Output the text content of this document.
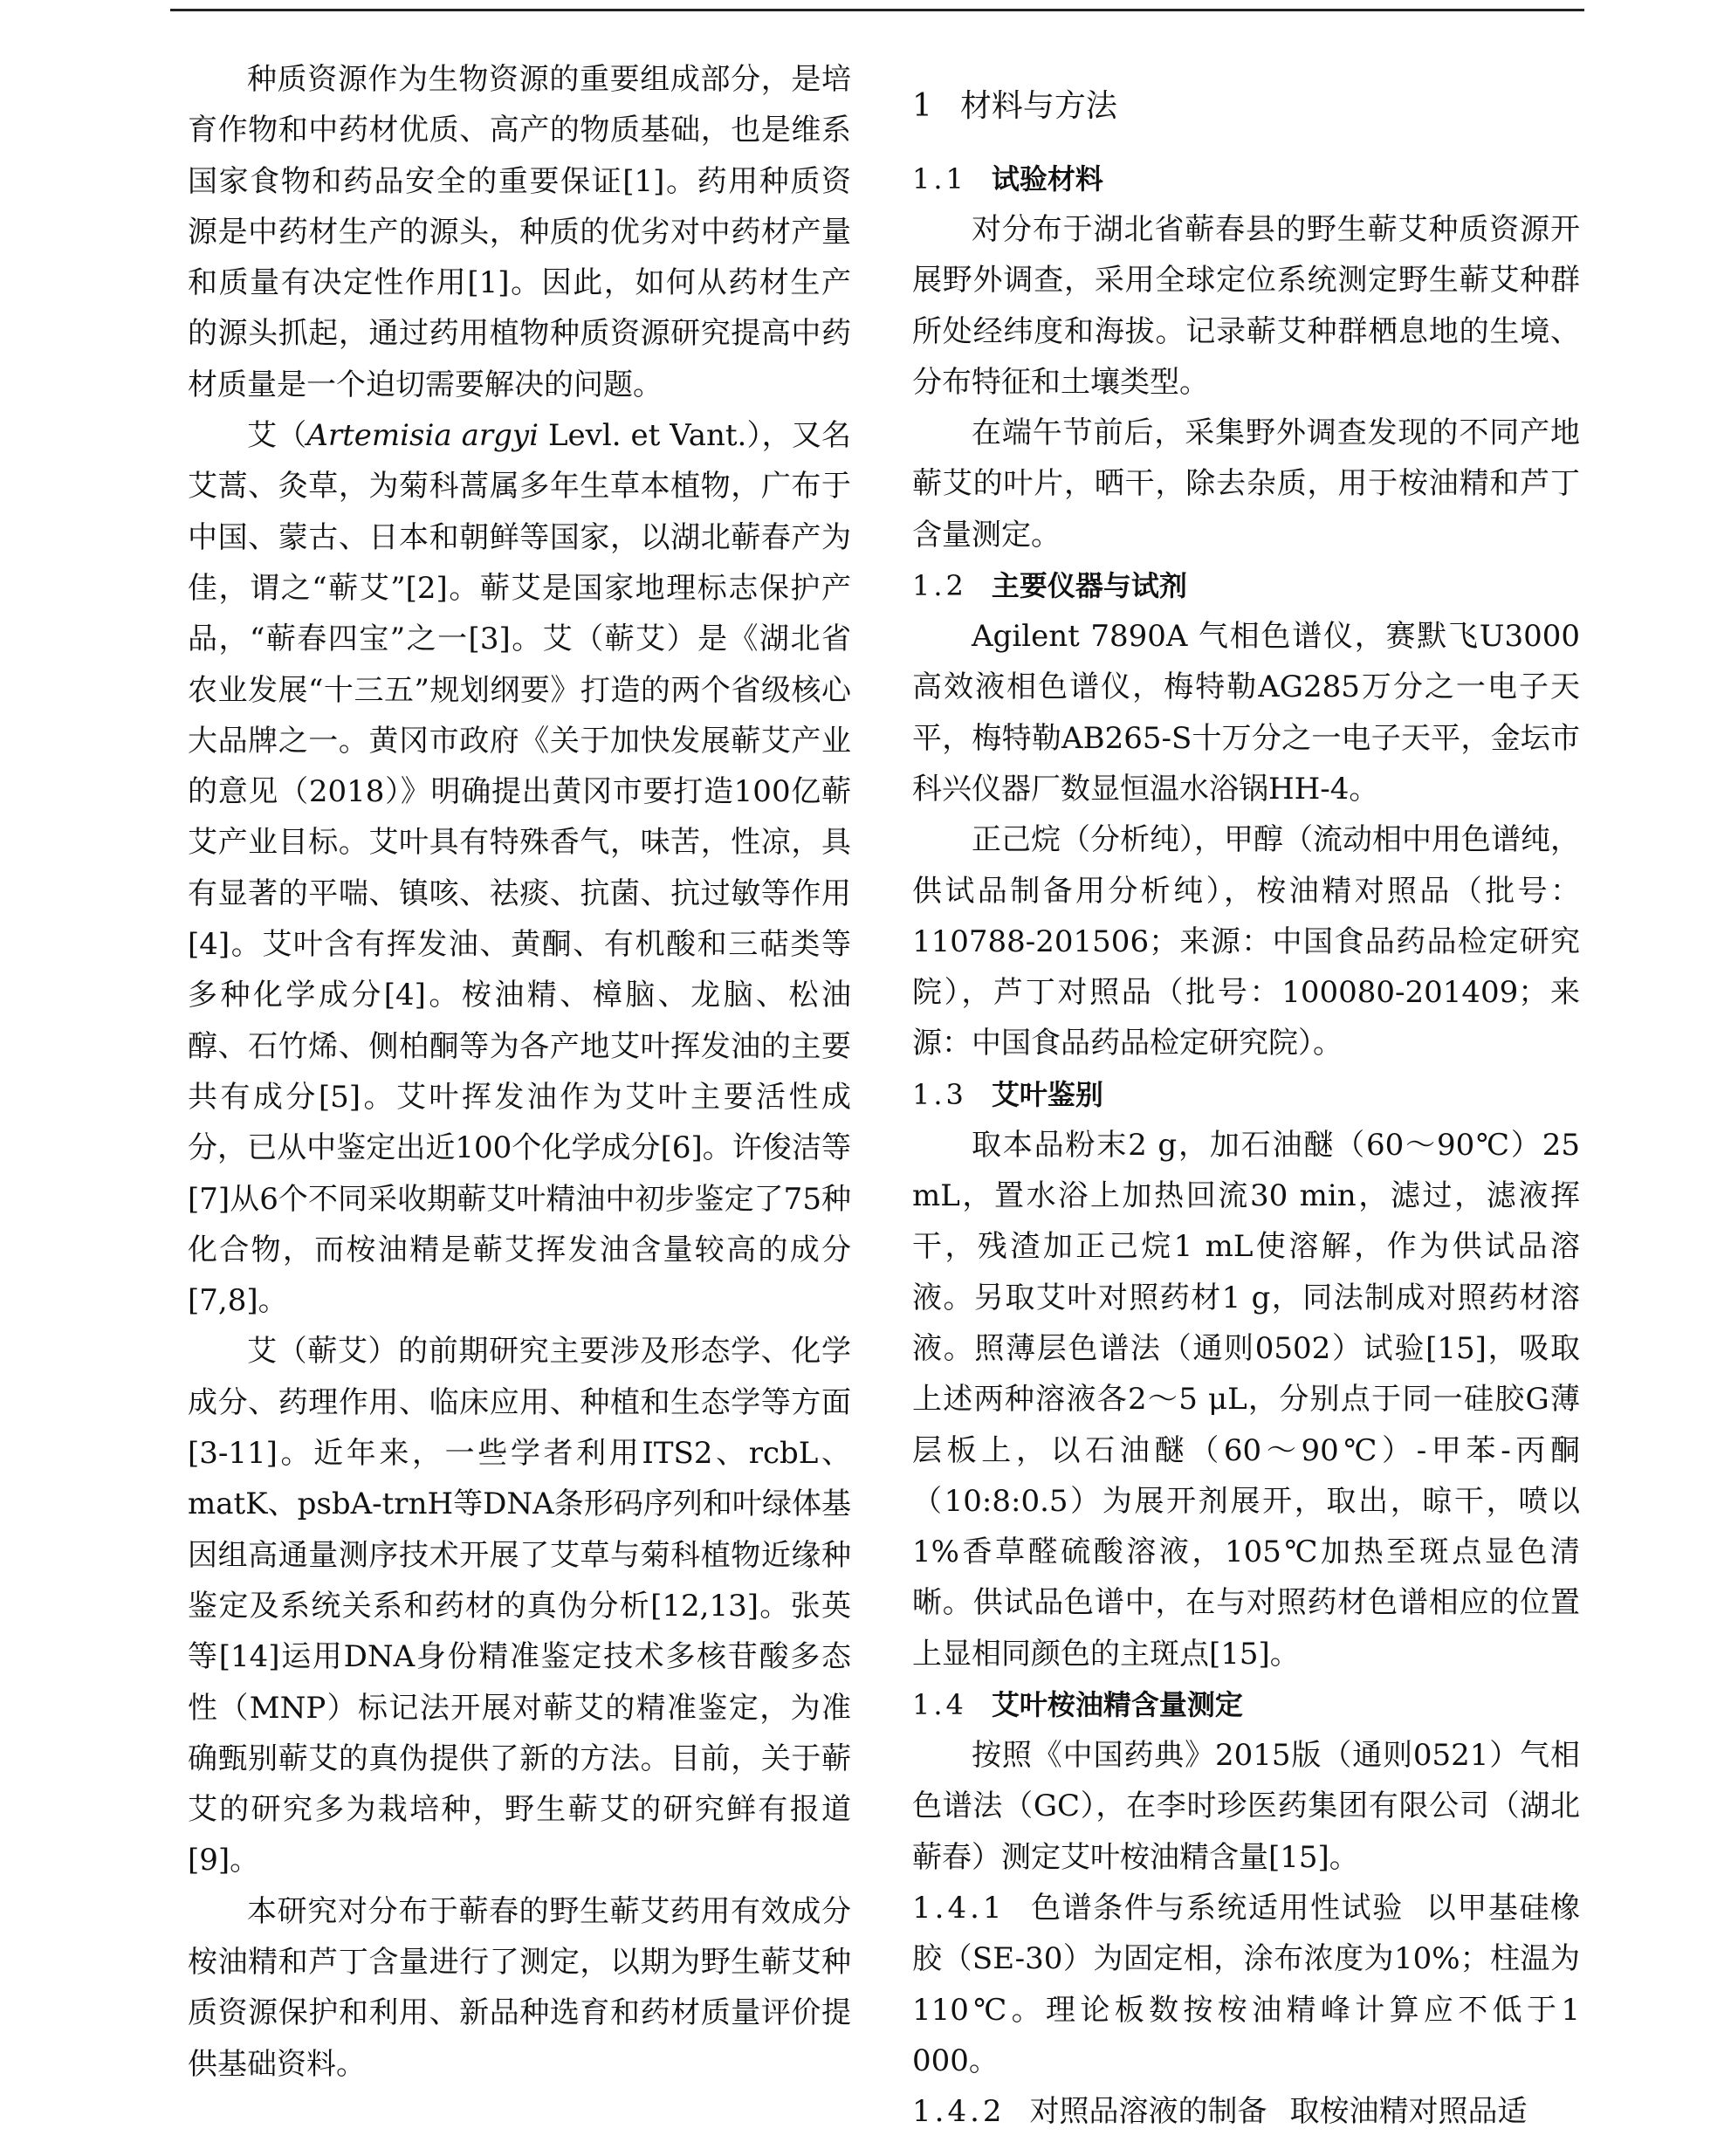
种质资源作为生物资源的重要组成部分，是培育作物和中药材优质、高产的物质基础，也是维系国家食物和药品安全的重要保证[1]。药用种质资源是中药材生产的源头，种质的优劣对中药材产量和质量有决定性作用[1]。因此，如何从药材生产的源头抓起，通过药用植物种质资源研究提高中药材质量是一个迫切需要解决的问题。

艾（Artemisia argyi Levl. et Vant.），又名艾蒿、灸草，为菊科蒿属多年生草本植物，广布于中国、蒙古、日本和朝鲜等国家，以湖北蕲春产为佳，谓之“蕲艾”[2]。蕲艾是国家地理标志保护产品，“蕲春四宝”之一[3]。艾（蕲艾）是《湖北省农业发展“十三五”规划纲要》打造的两个省级核心大品牌之一。黄冈市政府《关于加快发展蕲艾产业的意见（2018）》明确提出黄冈市要打造100亿蕲艾产业目标。艾叶具有特殊香气，味苦，性凉，具有显著的平喘、镇咳、祛痰、抗菌、抗过敏等作用[4]。艾叶含有挥发油、黄酮、有机酸和三萜类等多种化学成分[4]。桉油精、樟脑、龙脑、松油醇、石竹烯、侧柏酮等为各产地艾叶挥发油的主要共有成分[5]。艾叶挥发油作为艾叶主要活性成分，已从中鉴定出近100个化学成分[6]。许俊洁等[7]从6个不同采收期蕲艾叶精油中初步鉴定了75种化合物，而桉油精是蕲艾挥发油含量较高的成分[7,8]。

艾（蕲艾）的前期研究主要涉及形态学、化学成分、药理作用、临床应用、种植和生态学等方面[3-11]。近年来，一些学者利用ITS2、rcbL、matK、psbA-trnH等DNA条形码序列和叶绿体基因组高通量测序技术开展了艾草与菊科植物近缘种鉴定及系统关系和药材的真伪分析[12,13]。张英等[14]运用DNA身份精准鉴定技术多核苷酸多态性（MNP）标记法开展对蕲艾的精准鉴定，为准确甄别蕲艾的真伪提供了新的方法。目前，关于蕲艾的研究多为栽培种，野生蕲艾的研究鲜有报道[9]。

本研究对分布于蕲春的野生蕲艾药用有效成分桉油精和芦丁含量进行了测定，以期为野生蕲艾种质资源保护和利用、新品种选育和药材质量评价提供基础资料。

1 材料与方法
1.1 试验材料

对分布于湖北省蕲春县的野生蕲艾种质资源开展野外调查，采用全球定位系统测定野生蕲艾种群所处经纬度和海拔。记录蕲艾种群栖息地的生境、分布特征和土壤类型。

在端午节前后，采集野外调查发现的不同产地蕲艾的叶片，晒干，除去杂质，用于桉油精和芦丁含量测定。

1.2 主要仪器与试剂

Agilent 7890A 气相色谱仪，赛默飞U3000高效液相色谱仪，梅特勒AG285万分之一电子天平，梅特勒AB265-S十万分之一电子天平，金坛市科兴仪器厂数显恒温水浴锅HH-4。

正己烷（分析纯），甲醇（流动相中用色谱纯，供试品制备用分析纯），桉油精对照品（批号：110788-201506；来源：中国食品药品检定研究院），芦丁对照品（批号：100080-201409；来源：中国食品药品检定研究院）。

1.3 艾叶鉴别

取本品粉末2 g，加石油醚（60～90℃）25 mL，置水浴上加热回流30 min，滤过，滤液挥干，残渣加正己烷1 mL使溶解，作为供试品溶液。另取艾叶对照药材1 g，同法制成对照药材溶液。照薄层色谱法（通则0502）试验[15]，吸取上述两种溶液各2～5 μL，分别点于同一硅胶G薄层板上，以石油醚（60～90℃）-甲苯-丙酮（10:8:0.5）为展开剂展开，取出，晾干，喷以1%香草醛硫酸溶液，105℃加热至斑点显色清晰。供试品色谱中，在与对照药材色谱相应的位置上显相同颜色的主斑点[15]。

1.4 艾叶桉油精含量测定

按照《中国药典》2015版（通则0521）气相色谱法（GC），在李时珍医药集团有限公司（湖北蕲春）测定艾叶桉油精含量[15]。

1.4.1 色谱条件与系统适用性试验 以甲基硅橡胶（SE-30）为固定相，涂布浓度为10%；柱温为110℃。理论板数按桉油精峰计算应不低于1 000。

1.4.2 对照品溶液的制备 取桉油精对照品适
